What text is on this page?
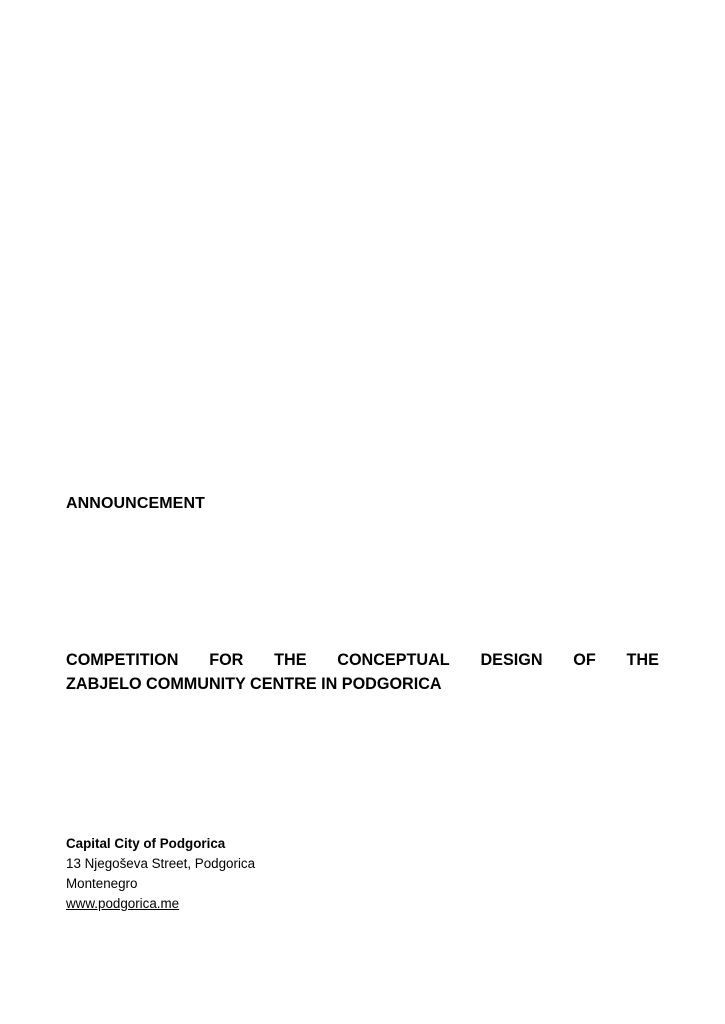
ANNOUNCEMENT
COMPETITION FOR THE CONCEPTUAL DESIGN OF THE
ZABJELO COMMUNITY CENTRE IN PODGORICA
Capital City of Podgorica
13 Njegoševa Street, Podgorica
Montenegro
www.podgorica.me
